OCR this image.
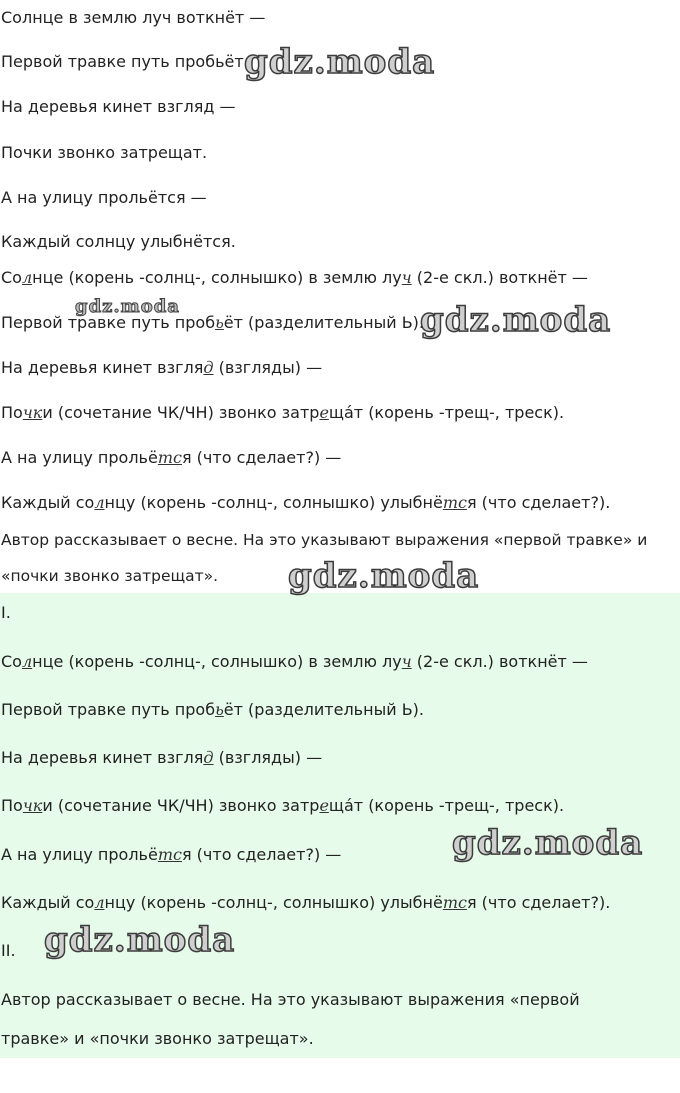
Солнце в землю луч воткнёт —

Первой травке путь пробьёт.

На деревья кинет взгляд —

Почки звонко затрещат.

А на улицу прольётся —

Каждый солнцу улыбнётся.

Солнце (корень -солнц-, солнышко) в землю луч (2-е скл.) воткнёт —

Первой травке путь пробьёт (разделительный Ь).

На деревья кинет взгляд (взгляды) —

Почки (сочетание ЧК/ЧН) звонко затрещáт (корень -трещ-, треск).

А на улицу прольётся (что сделает?) —

Каждый солнцу (корень -солнц-, солнышко) улыбнётся (что сделает?).

Автор рассказывает о весне. На это указывают выражения «первой травке» и

«почки звонко затрещат».

I.

Солнце (корень -солнц-, солнышко) в землю луч (2-е скл.) воткнёт —

Первой травке путь пробьёт (разделительный Ь).

На деревья кинет взгляд (взгляды) —

Почки (сочетание ЧК/ЧН) звонко затрещáт (корень -трещ-, треск).

А на улицу прольётся (что сделает?) —

Каждый солнцу (корень -солнц-, солнышко) улыбнётся (что сделает?).

II.

Автор рассказывает о весне. На это указывают выражения «первой

травке» и «почки звонко затрещат».

gdz.moda
gdz.moda	gdz.moda
gdz.moda
gdz.moda
gdz.moda
